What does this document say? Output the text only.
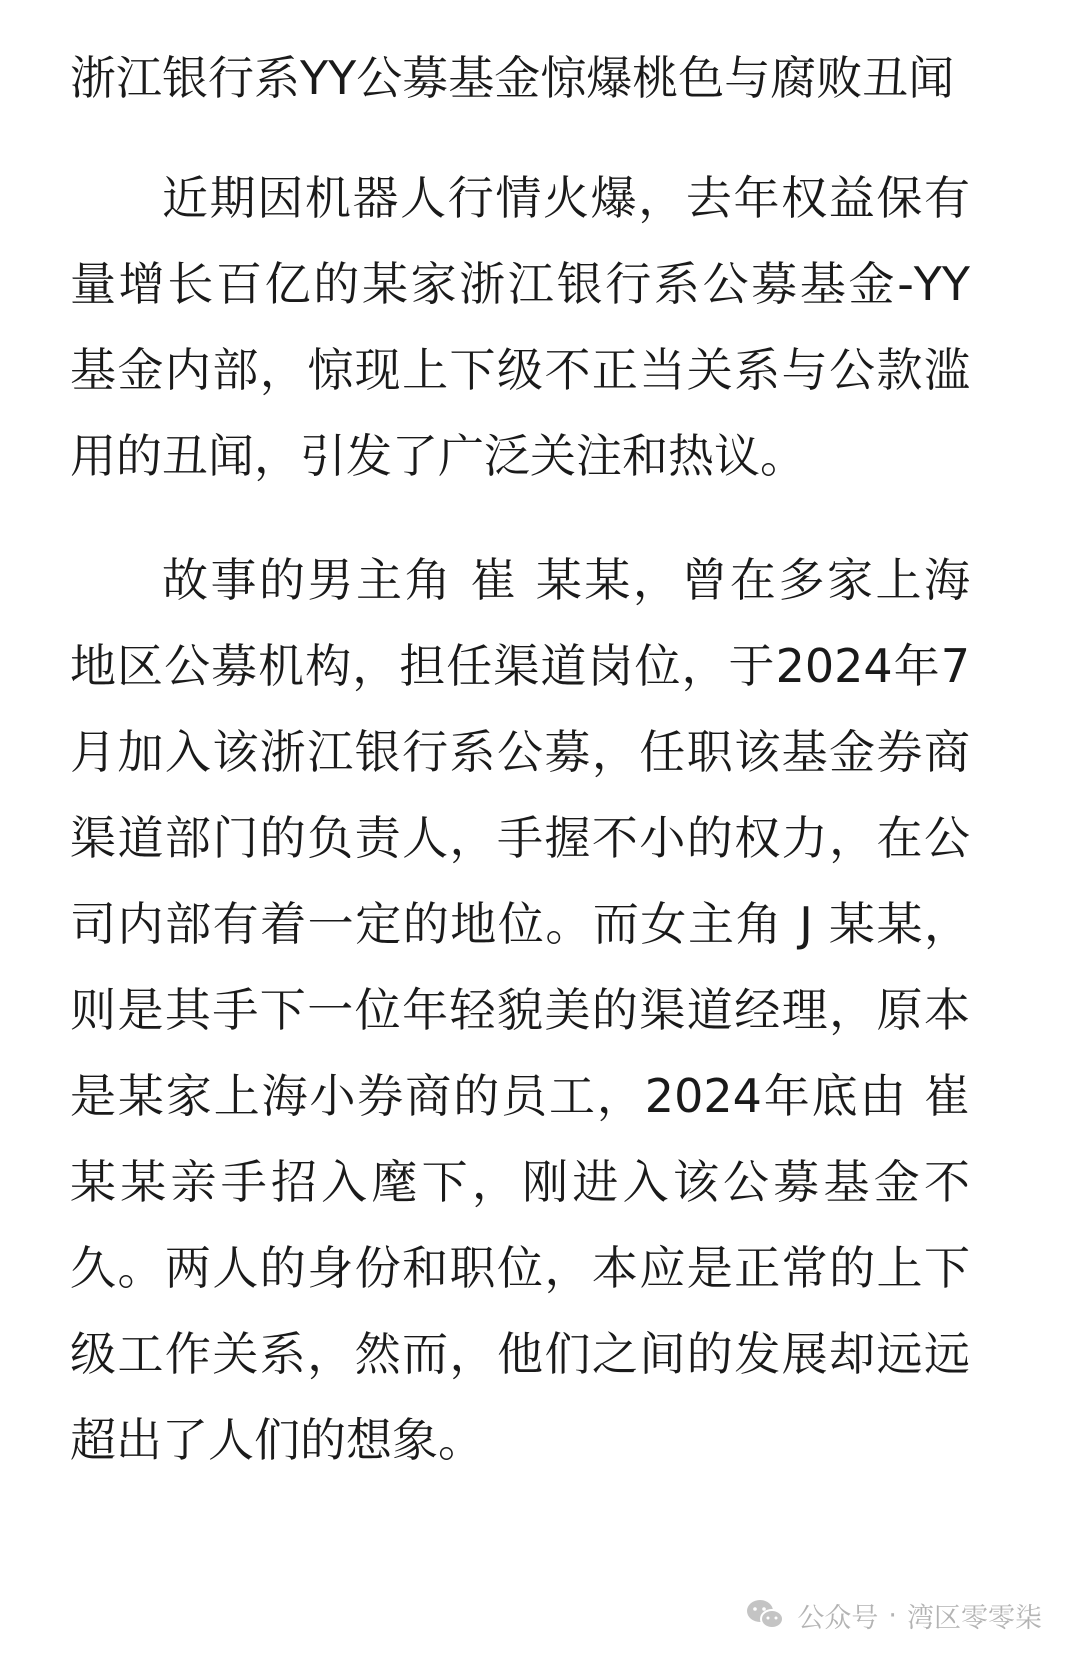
浙江银行系YY公募基金惊爆桃色与腐败丑闻

近期因机器人行情火爆，去年权益保有量增长百亿的某家浙江银行系公募基金-YY基金内部，惊现上下级不正当关系与公款滥用的丑闻，引发了广泛关注和热议。

故事的男主角 崔 某某，曾在多家上海地区公募机构，担任渠道岗位，于2024年7月加入该浙江银行系公募，任职该基金券商渠道部门的负责人，手握不小的权力，在公司内部有着一定的地位。而女主角 J 某某，则是其手下一位年轻貌美的渠道经理，原本是某家上海小券商的员工，2024年底由 崔 某某亲手招入麾下，刚进入该公募基金不久。两人的身份和职位，本应是正常的上下级工作关系，然而，他们之间的发展却远远超出了人们的想象。

公众号 · 湾区零零柒
